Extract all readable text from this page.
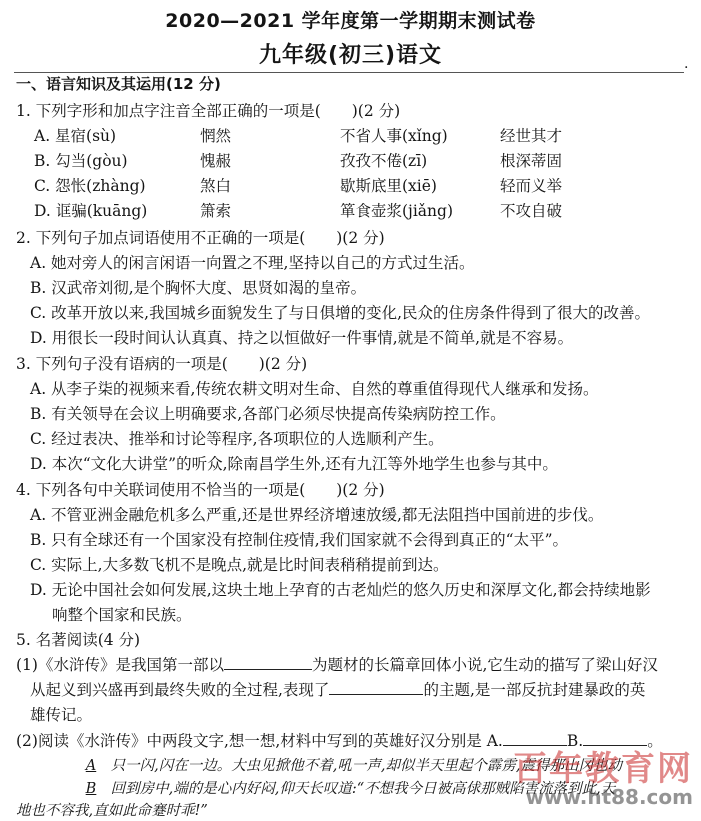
2020—2021 学年度第一学期期末测试卷
九年级(初三)语文	.
一、语言知识及其运用(12 分)
1. 下列字形和加点字注音全部正确的一项是(　　)(2 分)
A. 星宿(sù)	惘然	不省人事(xǐng)	经世其才
B. 勾当(gòu)	愧赧	孜孜不倦(zī)	根深蒂固
C. 怨怅(zhàng)	煞白	歇斯底里(xiē)	轻而义举
D. 诓骗(kuāng)	箫索	箪食壶浆(jiǎng)	不攻自破
2. 下列句子加点词语使用不正确的一项是(　　)(2 分)
A. 她对旁人的闲言闲语一向置之不理,坚持以自己的方式过生活。
B. 汉武帝刘彻,是个胸怀大度、思贤如渴的皇帝。
C. 改革开放以来,我国城乡面貌发生了与日俱增的变化,民众的住房条件得到了很大的改善。
D. 用很长一段时间认认真真、持之以恒做好一件事情,就是不简单,就是不容易。
3. 下列句子没有语病的一项是(　　)(2 分)
A. 从李子柒的视频来看,传统农耕文明对生命、自然的尊重值得现代人继承和发扬。
B. 有关领导在会议上明确要求,各部门必须尽快提高传染病防控工作。
C. 经过表决、推举和讨论等程序,各项职位的人选顺利产生。
D. 本次“文化大讲堂”的听众,除南昌学生外,还有九江等外地学生也参与其中。
4. 下列各句中关联词使用不恰当的一项是(　　)(2 分)
A. 不管亚洲金融危机多么严重,还是世界经济增速放缓,都无法阻挡中国前进的步伐。
B. 只有全球还有一个国家没有控制住疫情,我们国家就不会得到真正的“太平”。
C. 实际上,大多数飞机不是晚点,就是比时间表稍稍提前到达。
D. 无论中国社会如何发展,这块土地上孕育的古老灿烂的悠久历史和深厚文化,都会持续地影
响整个国家和民族。
5. 名著阅读(4 分)
(1)《水浒传》是我国第一部以	为题材的长篇章回体小说,它生动的描写了梁山好汉
从起义到兴盛再到最终失败的全过程,表现了	的主题,是一部反抗封建暴政的英
雄传记。
(2)阅读《水浒传》中两段文字,想一想,材料中写到的英雄好汉分别是 A.	B.	。
A 只一闪,闪在一边。大虫见掀他不着,吼一声,却似半天里起个霹雳,震得那山冈也动
B 回到房中,端的是心内好闷,仰天长叹道:“不想我今日被高俅那贼陷害流落到此,天
地也不容我,直如此命蹇时乖!”
百年教育网
www.ht88.com
